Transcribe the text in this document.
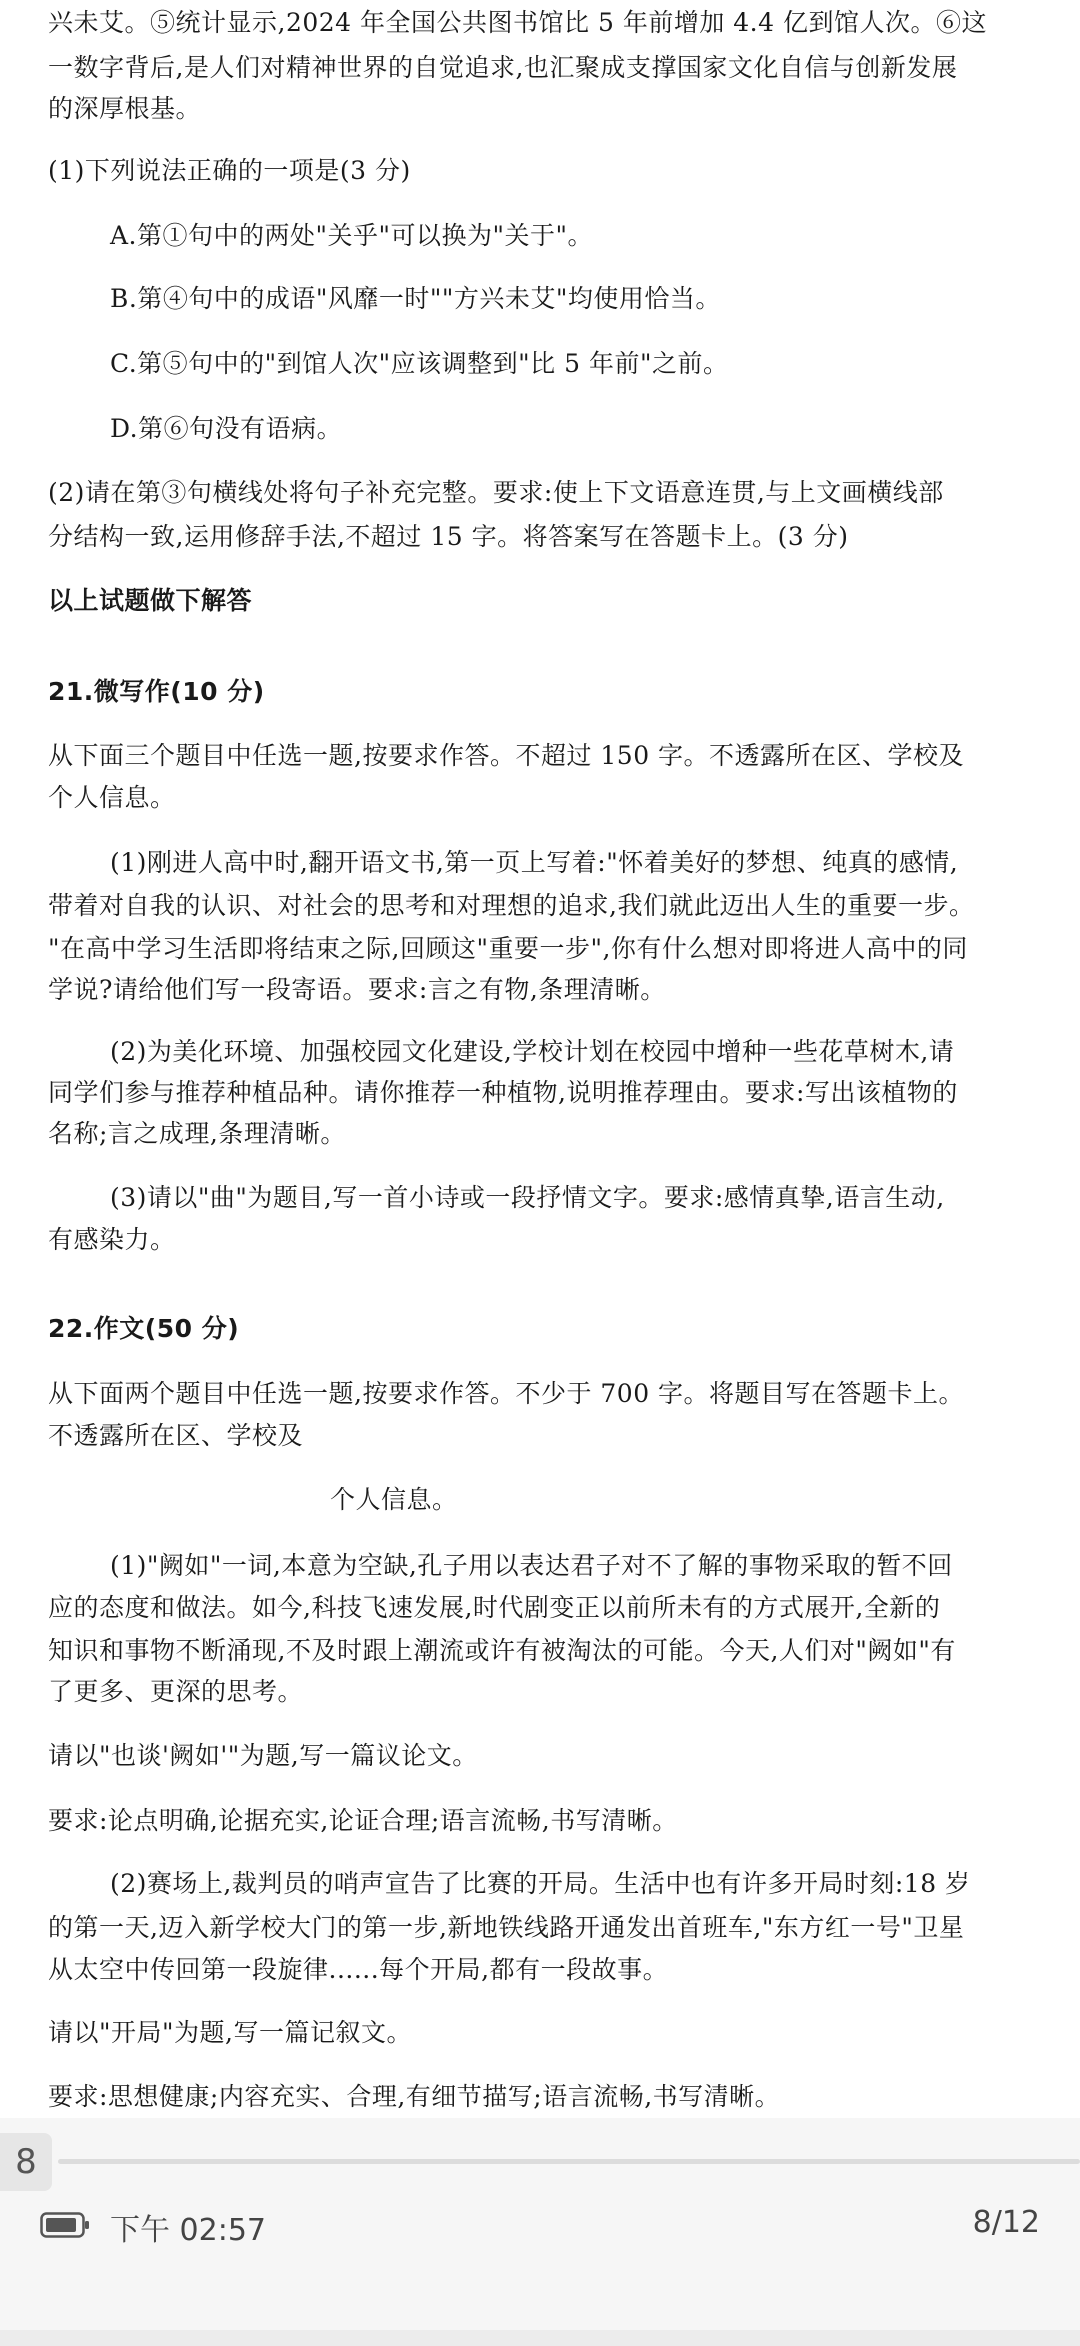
兴未艾。⑤统计显示,2024 年全国公共图书馆比 5 年前增加 4.4 亿到馆人次。⑥这
一数字背后,是人们对精神世界的自觉追求,也汇聚成支撑国家文化自信与创新发展
的深厚根基。
(1)下列说法正确的一项是(3 分)
A.第①句中的两处"关乎"可以换为"关于"。
B.第④句中的成语"风靡一时""方兴未艾"均使用恰当。
C.第⑤句中的"到馆人次"应该调整到"比 5 年前"之前。
D.第⑥句没有语病。
(2)请在第③句横线处将句子补充完整。要求:使上下文语意连贯,与上文画横线部
分结构一致,运用修辞手法,不超过 15 字。将答案写在答题卡上。(3 分)
以上试题做下解答
21.微写作(10 分)
从下面三个题目中任选一题,按要求作答。不超过 150 字。不透露所在区、学校及
个人信息。
(1)刚进人高中时,翻开语文书,第一页上写着:"怀着美好的梦想、纯真的感情,
带着对自我的认识、对社会的思考和对理想的追求,我们就此迈出人生的重要一步。
"在高中学习生活即将结束之际,回顾这"重要一步",你有什么想对即将进人高中的同
学说?请给他们写一段寄语。要求:言之有物,条理清晰。
(2)为美化环境、加强校园文化建设,学校计划在校园中增种一些花草树木,请
同学们参与推荐种植品种。请你推荐一种植物,说明推荐理由。要求:写出该植物的
名称;言之成理,条理清晰。
(3)请以"曲"为题目,写一首小诗或一段抒情文字。要求:感情真挚,语言生动,
有感染力。
22.作文(50 分)
从下面两个题目中任选一题,按要求作答。不少于 700 字。将题目写在答题卡上。
不透露所在区、学校及
个人信息。
(1)"阙如"一词,本意为空缺,孔子用以表达君子对不了解的事物采取的暂不回
应的态度和做法。如今,科技飞速发展,时代剧变正以前所未有的方式展开,全新的
知识和事物不断涌现,不及时跟上潮流或许有被淘汰的可能。今天,人们对"阙如"有
了更多、更深的思考。
请以"也谈'阙如'"为题,写一篇议论文。
要求:论点明确,论据充实,论证合理;语言流畅,书写清晰。
(2)赛场上,裁判员的哨声宣告了比赛的开局。生活中也有许多开局时刻:18 岁
的第一天,迈入新学校大门的第一步,新地铁线路开通发出首班车,"东方红一号"卫星
从太空中传回第一段旋律......每个开局,都有一段故事。
请以"开局"为题,写一篇记叙文。
要求:思想健康;内容充实、合理,有细节描写;语言流畅,书写清晰。
8
下午 02:57	8/12
